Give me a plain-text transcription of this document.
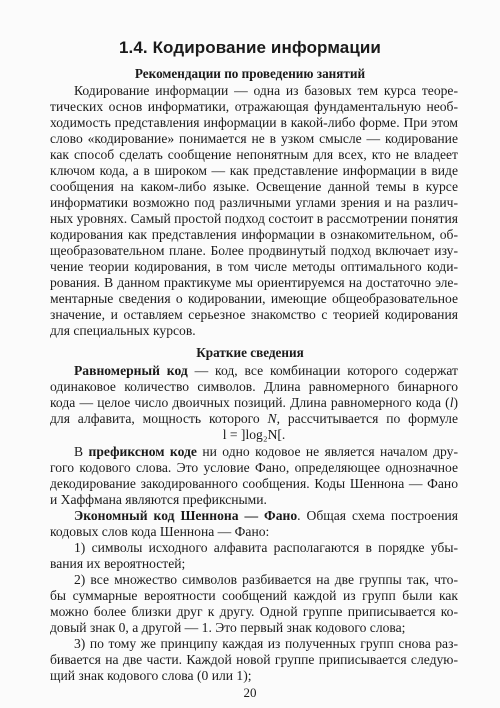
1.4. Кодирование информации
Рекомендации по проведению занятий
Кодирование информации — одна из базовых тем курса теоре-
тических основ информатики, отражающая фундаментальную необ-
ходимость представления информации в какой-либо форме. При этом
слово «кодирование» понимается не в узком смысле — кодирование
как способ сделать сообщение непонятным для всех, кто не владеет
ключом кода, а в широком — как представление информации в виде
сообщения на каком-либо языке. Освещение данной темы в курсе
информатики возможно под различными углами зрения и на различ-
ных уровнях. Самый простой подход состоит в рассмотрении понятия
кодирования как представления информации в ознакомительном, об-
щеобразовательном плане. Более продвинутый подход включает изу-
чение теории кодирования, в том числе методы оптимального коди-
рования. В данном практикуме мы ориентируемся на достаточно эле-
ментарные сведения о кодировании, имеющие общеобразовательное
значение, и оставляем серьезное знакомство с теорией кодирования
для специальных курсов.
Краткие сведения
Равномерный код — код, все комбинации которого содержат
одинаковое количество символов. Длина равномерного бинарного
кода — целое число двоичных позиций. Длина равномерного кода (l)
для алфавита, мощность которого N, рассчитывается по формуле
l = ]log₂N[.
В префиксном коде ни одно кодовое не является началом дру-
гого кодового слова. Это условие Фано, определяющее однозначное
декодирование закодированного сообщения. Коды Шеннона — Фано
и Хаффмана являются префиксными.
Экономный код Шеннона — Фано. Общая схема построения
кодовых слов кода Шеннона — Фано:
1) символы исходного алфавита располагаются в порядке убы-
вания их вероятностей;
2) все множество символов разбивается на две группы так, что-
бы суммарные вероятности сообщений каждой из групп были как
можно более близки друг к другу. Одной группе приписывается ко-
довый знак 0, а другой — 1. Это первый знак кодового слова;
3) по тому же принципу каждая из полученных групп снова раз-
бивается на две части. Каждой новой группе приписывается следую-
щий знак кодового слова (0 или 1);
20
